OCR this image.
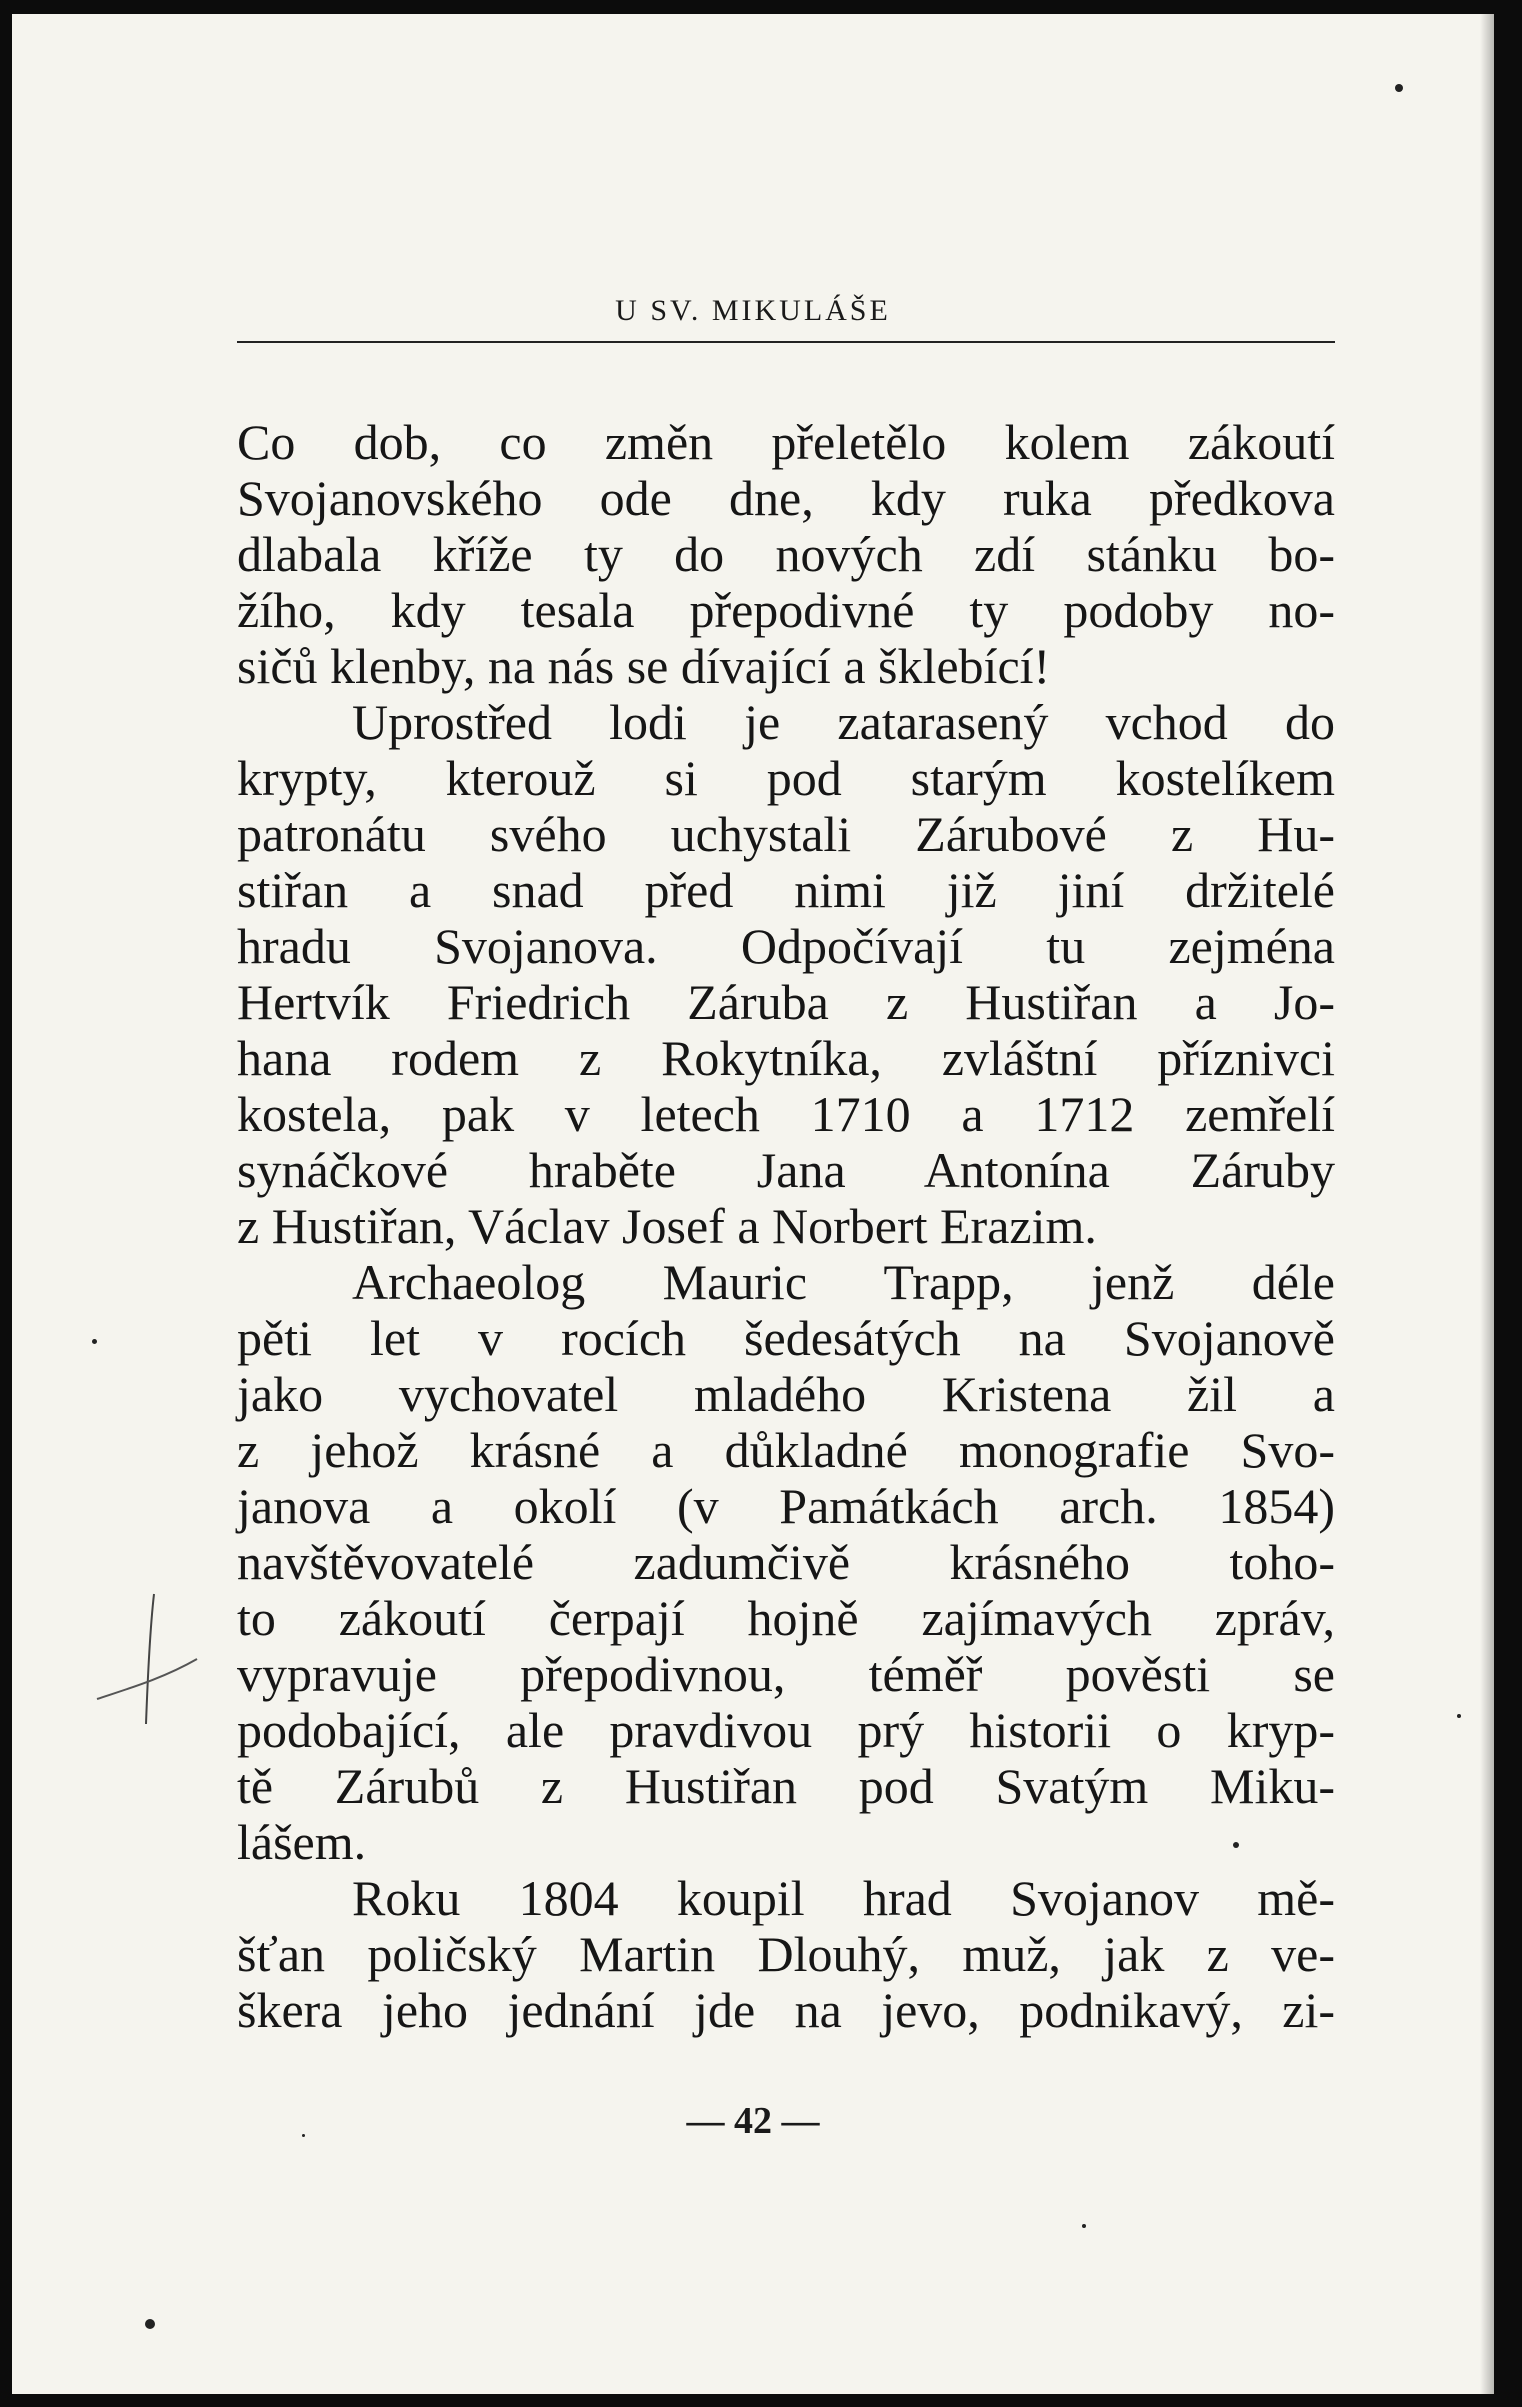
U SV. MIKULÁŠE
Co dob, co změn přeletělo kolem zákoutí
Svojanovského ode dne, kdy ruka předkova
dlabala kříže ty do nových zdí stánku bo-
žího, kdy tesala přepodivné ty podoby no-
sičů klenby, na nás se dívající a šklebící!
Uprostřed lodi je zatarasený vchod do
krypty, kterouž si pod starým kostelíkem
patronátu svého uchystali Zárubové z Hu-
stiřan a snad před nimi již jiní držitelé
hradu Svojanova. Odpočívají tu zejména
Hertvík Friedrich Záruba z Hustiřan a Jo-
hana rodem z Rokytníka, zvláštní příznivci
kostela, pak v letech 1710 a 1712 zemřelí
synáčkové hraběte Jana Antonína Záruby
z Hustiřan, Václav Josef a Norbert Erazim.
Archaeolog Mauric Trapp, jenž déle
pěti let v rocích šedesátých na Svojanově
jako vychovatel mladého Kristena žil a
z jehož krásné a důkladné monografie Svo-
janova a okolí (v Památkách arch. 1854)
navštěvovatelé zadumčivě krásného toho-
to zákoutí čerpají hojně zajímavých zpráv,
vypravuje přepodivnou, téměř pověsti se
podobající, ale pravdivou prý historii o kryp-
tě Zárubů z Hustiřan pod Svatým Miku-
lášem.
Roku 1804 koupil hrad Svojanov mě-
šťan poličský Martin Dlouhý, muž, jak z ve-
škera jeho jednání jde na jevo, podnikavý, zi-
— 42 —
